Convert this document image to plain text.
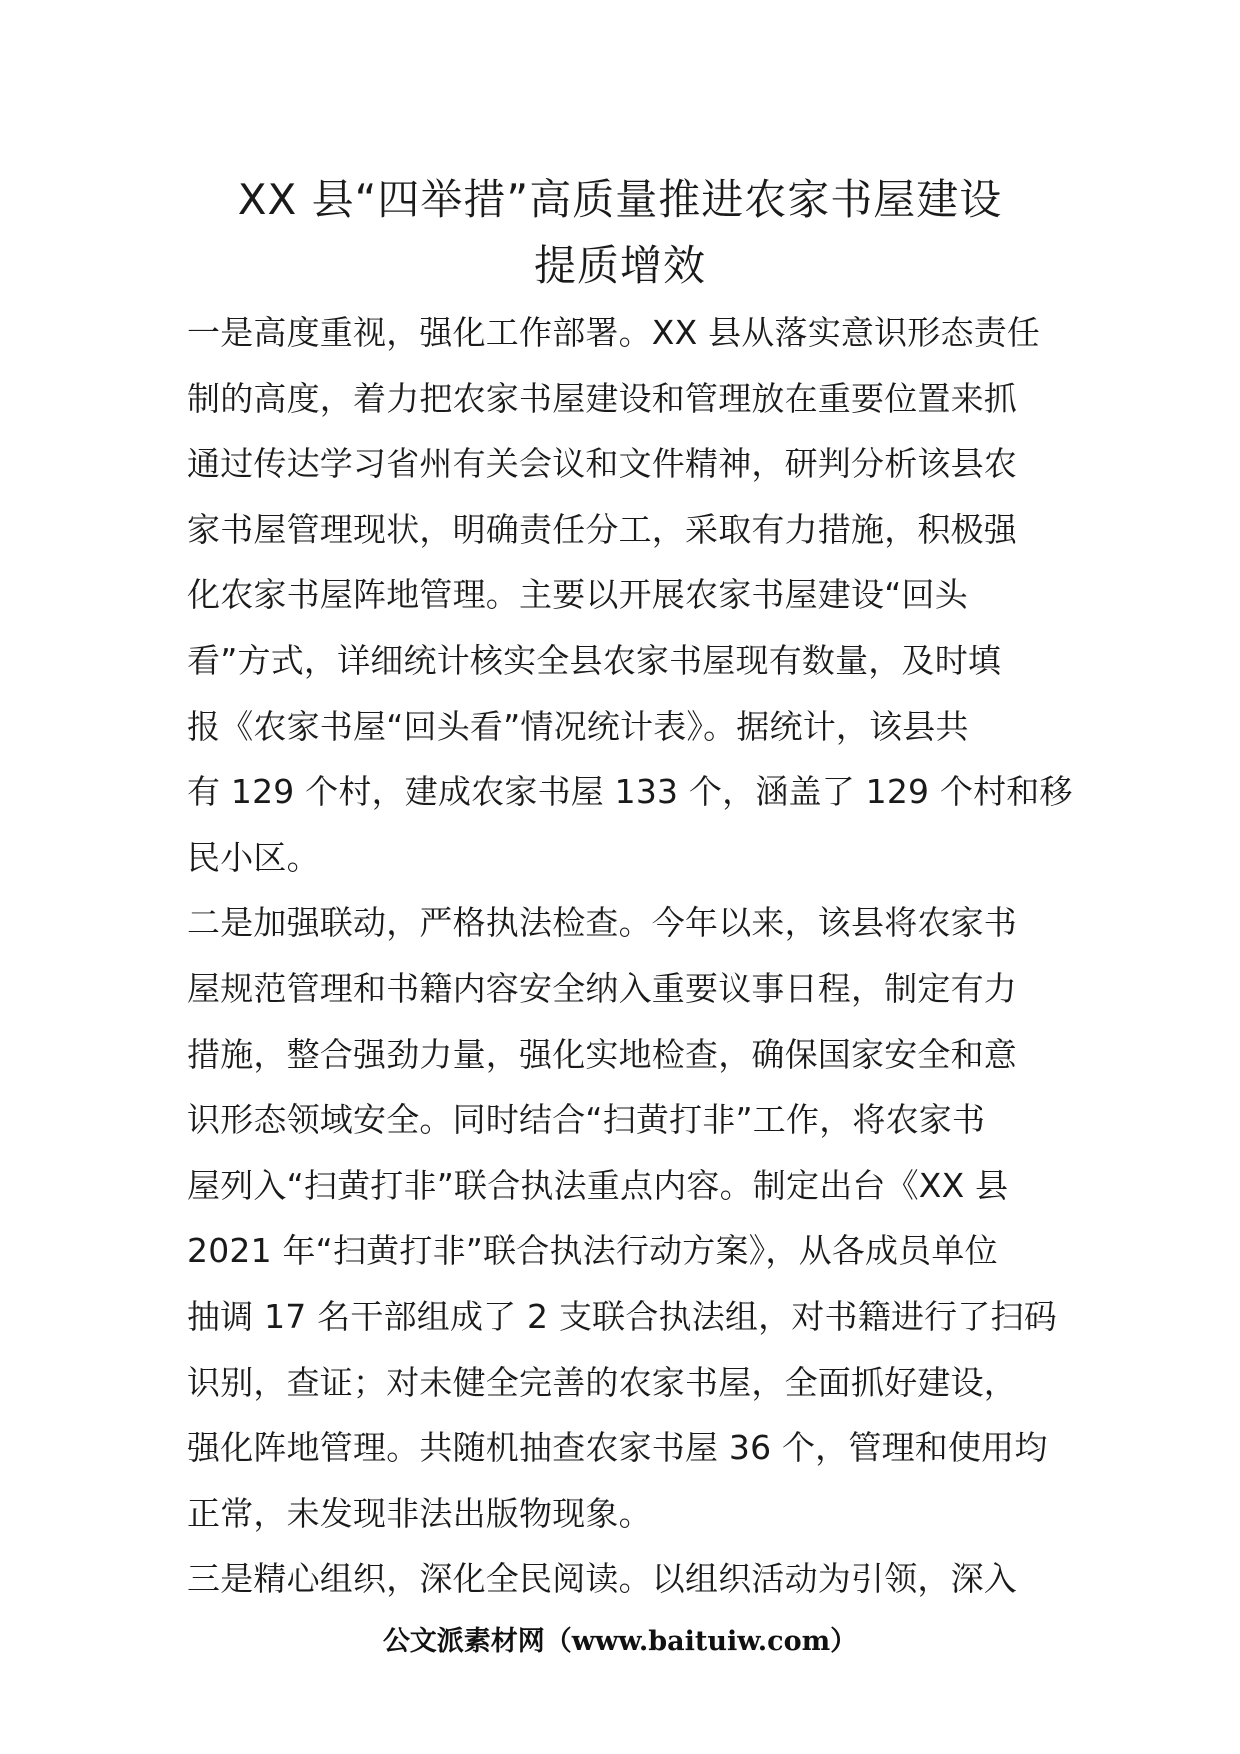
XX 县“四举措”高质量推进农家书屋建设
提质增效
一是高度重视，强化工作部署。XX 县从落实意识形态责任
制的高度，着力把农家书屋建设和管理放在重要位置来抓
通过传达学习省州有关会议和文件精神，研判分析该县农
家书屋管理现状，明确责任分工，采取有力措施，积极强
化农家书屋阵地管理。主要以开展农家书屋建设“回头
看”方式，详细统计核实全县农家书屋现有数量，及时填
报《农家书屋“回头看”情况统计表》。据统计，该县共
有 129 个村，建成农家书屋 133 个，涵盖了 129 个村和移
民小区。
二是加强联动，严格执法检查。今年以来，该县将农家书
屋规范管理和书籍内容安全纳入重要议事日程，制定有力
措施，整合强劲力量，强化实地检查，确保国家安全和意
识形态领域安全。同时结合“扫黄打非”工作，将农家书
屋列入“扫黄打非”联合执法重点内容。制定出台《XX 县
2021 年“扫黄打非”联合执法行动方案》，从各成员单位
抽调 17 名干部组成了 2 支联合执法组，对书籍进行了扫码
识别，查证；对未健全完善的农家书屋，全面抓好建设，
强化阵地管理。共随机抽查农家书屋 36 个，管理和使用均
正常，未发现非法出版物现象。
三是精心组织，深化全民阅读。以组织活动为引领，深入
公文派素材网（www.baituiw.com）
